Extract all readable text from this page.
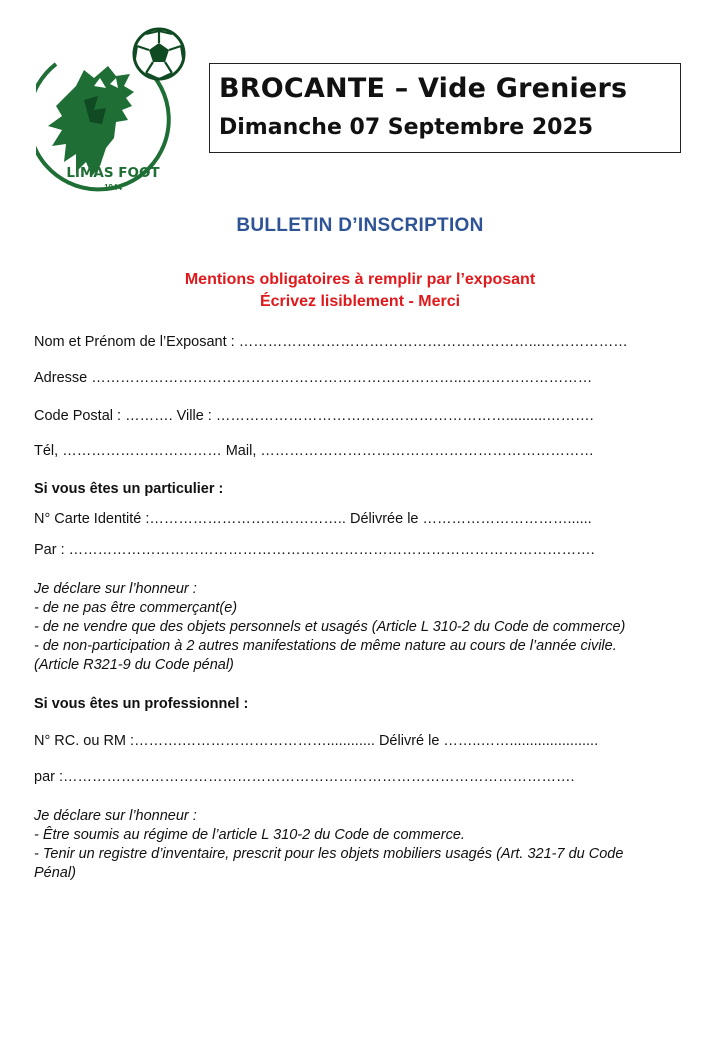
LIMAS FOOT
1944
BROCANTE – Vide Greniers
Dimanche 07 Septembre 2025
BULLETIN D’INSCRIPTION
Mentions obligatoires à remplir par l’exposant
Écrivez lisiblement - Merci
Nom et Prénom de l’Exposant : ……………………………………………………...………………
Adresse …………………………………………………………………..………………………
Code Postal : ………. Ville : ……………………………………………………..........……….
Tél, …………………………… Mail, ……………………………………………………………
Si vous êtes un particulier :
N° Carte Identité :………………………………….. Délivrée le …………………………......
Par : ……………………………………………………………………………………………….
Je déclare sur l’honneur :
- de ne pas être commerçant(e)
- de ne vendre que des objets personnels et usagés (Article L 310-2 du Code de commerce)
- de non-participation à 2 autres manifestations de même nature au cours de l’année civile.
(Article R321-9 du Code pénal)
Si vous êtes un professionnel :
N° RC. ou RM :……….…………………………............ Délivré le ……..……......................
par :…………………………………………………………………………………………….
Je déclare sur l’honneur :
- Être soumis au régime de l’article L 310-2 du Code de commerce.
- Tenir un registre d’inventaire, prescrit pour les objets mobiliers usagés (Art. 321-7 du Code
Pénal)
